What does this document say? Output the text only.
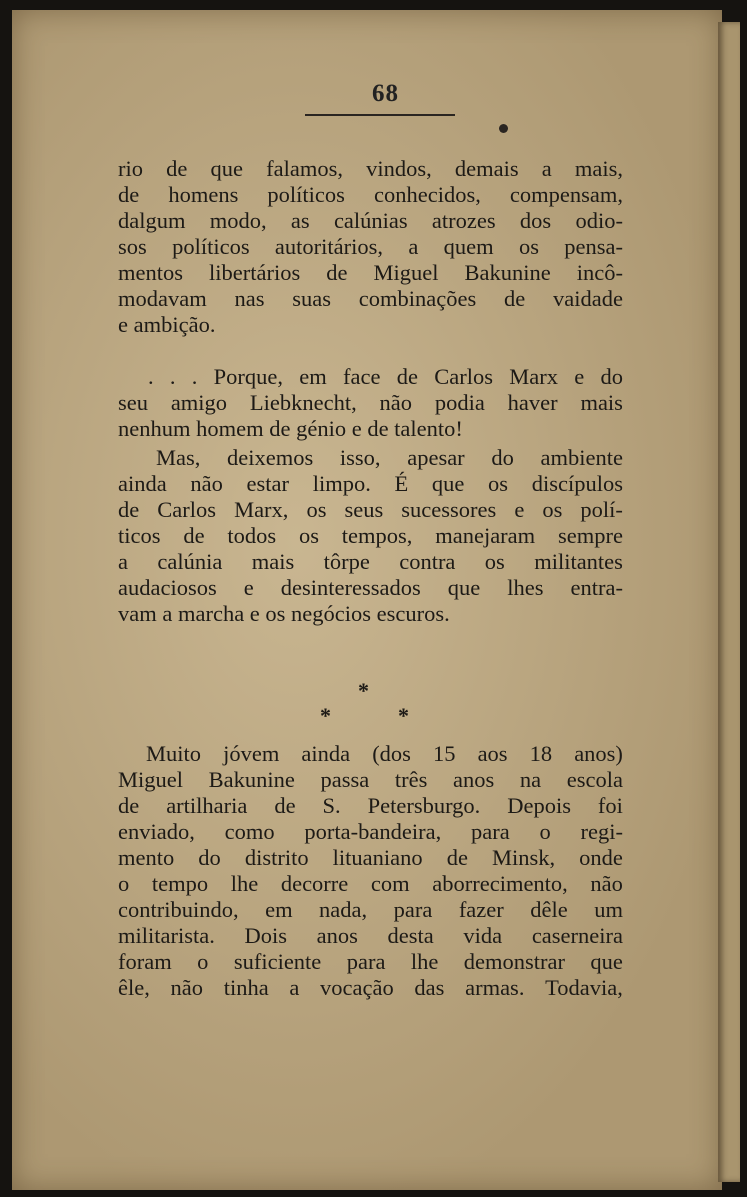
68
rio de que falamos, vindos, demais a mais,
de homens políticos conhecidos, compensam,
dalgum modo, as calúnias atrozes dos odio-
sos políticos autoritários, a quem os pensa-
mentos libertários de Miguel Bakunine incô-
modavam nas suas combinações de vaidade
e ambição.
. . . Porque, em face de Carlos Marx e do
seu amigo Liebknecht, não podia haver mais
nenhum homem de génio e de talento!
Mas, deixemos isso, apesar do ambiente
ainda não estar limpo. É que os discípulos
de Carlos Marx, os seus sucessores e os polí-
ticos de todos os tempos, manejaram sempre
a calúnia mais tôrpe contra os militantes
audaciosos e desinteressados que lhes entra-
vam a marcha e os negócios escuros.
Muito jóvem ainda (dos 15 aos 18 anos)
Miguel Bakunine passa três anos na escola
de artilharia de S. Petersburgo. Depois foi
enviado, como porta-bandeira, para o regi-
mento do distrito lituaniano de Minsk, onde
o tempo lhe decorre com aborrecimento, não
contribuindo, em nada, para fazer dêle um
militarista. Dois anos desta vida caserneira
foram o suficiente para lhe demonstrar que
êle, não tinha a vocação das armas. Todavia,
*
*	*
